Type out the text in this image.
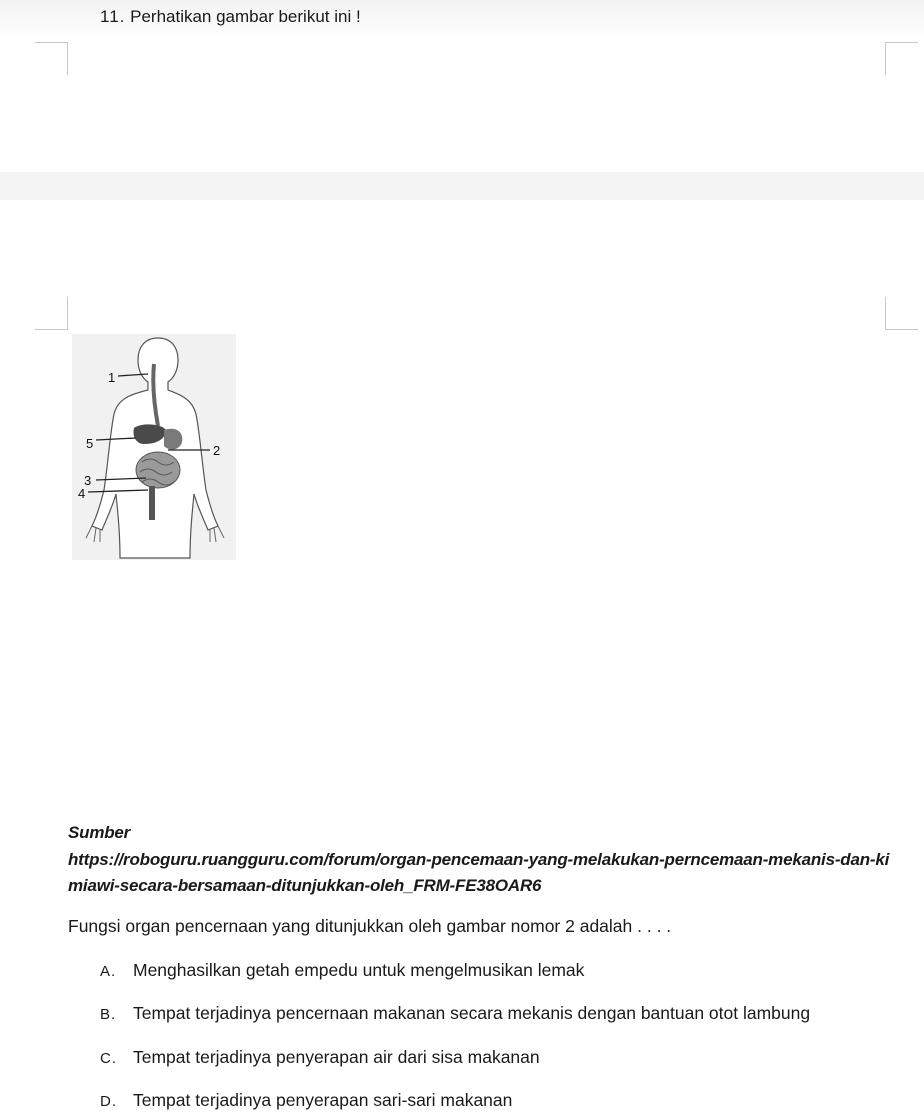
11. Perhatikan gambar berikut ini !
1
5	2
3
4
Sumber
https://roboguru.ruangguru.com/forum/organ-pencemaan-yang-melakukan-perncemaan-mekanis-dan-kimiawi-secara-bersamaan-ditunjukkan-oleh_FRM-FE38OAR6
Fungsi organ pencernaan yang ditunjukkan oleh gambar nomor 2 adalah . . . .
A. Menghasilkan getah empedu untuk mengelmusikan lemak
B. Tempat terjadinya pencernaan makanan secara mekanis dengan bantuan otot lambung
C. Tempat terjadinya penyerapan air dari sisa makanan
D. Tempat terjadinya penyerapan sari-sari makanan
